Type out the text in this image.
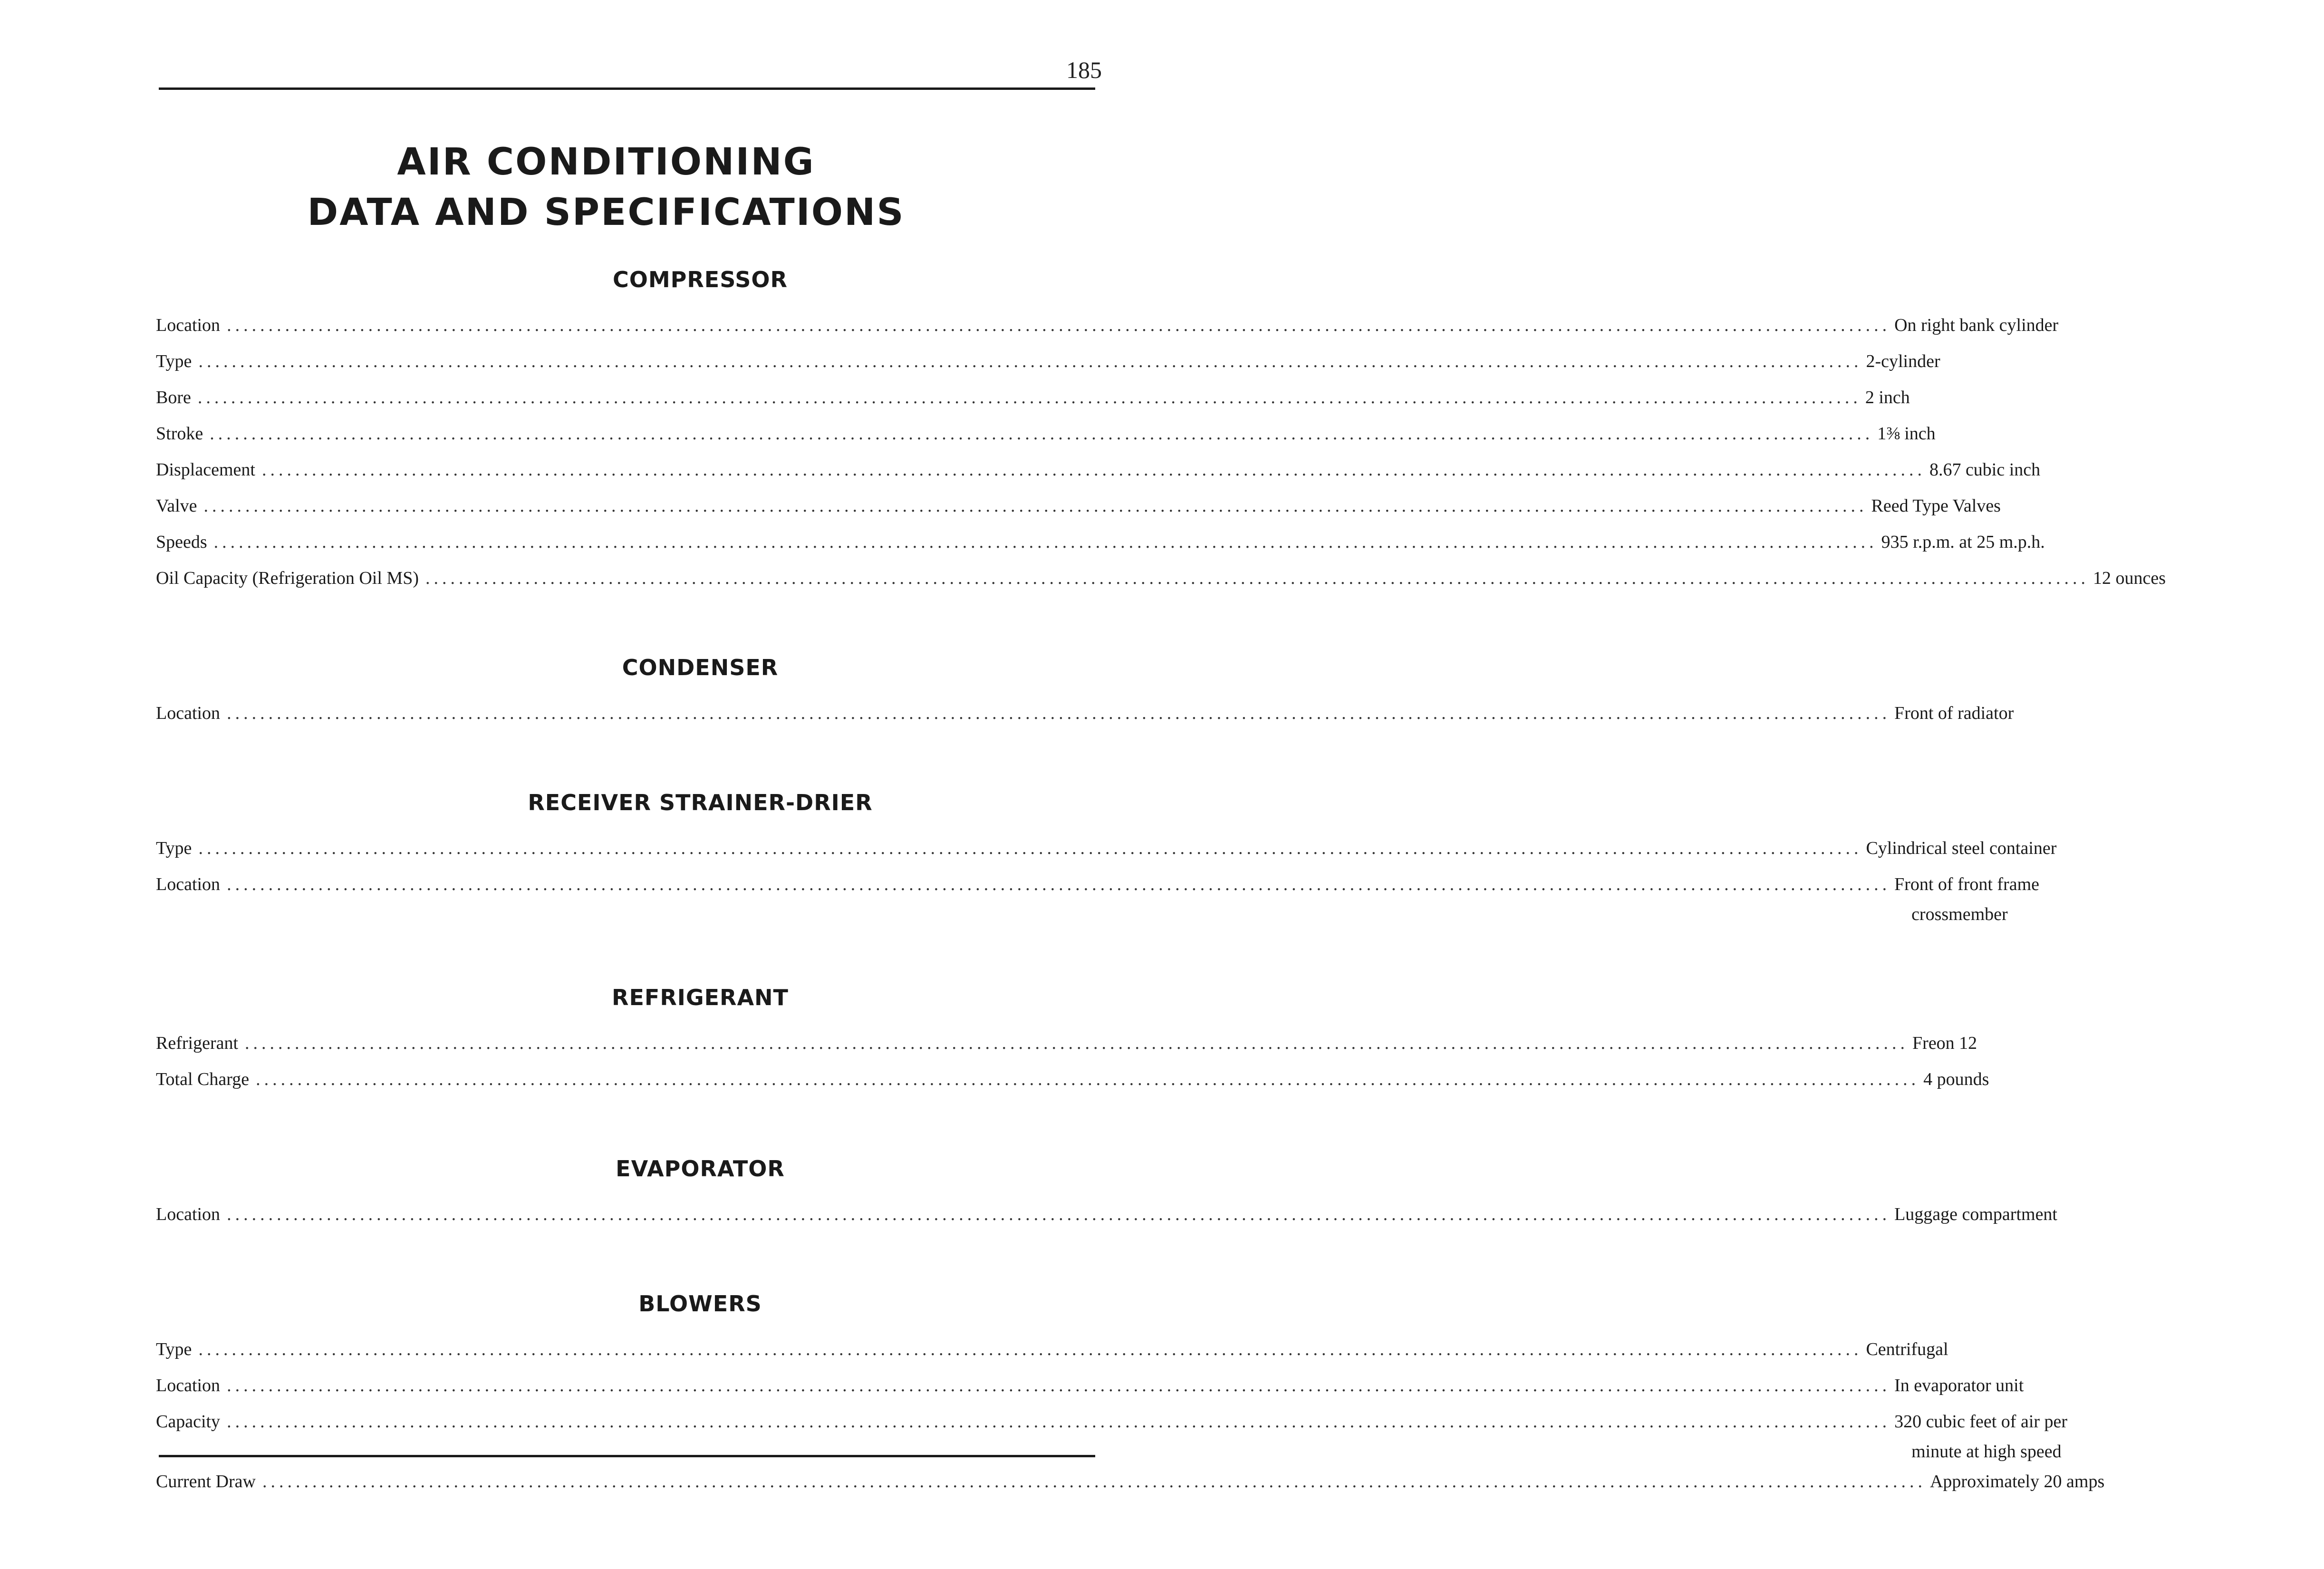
185
AIR CONDITIONING
DATA AND SPECIFICATIONS
COMPRESSOR
Location ........................................................................................................................................................................................................ On right bank cylinder
Type ........................................................................................................................................................................................................ 2-cylinder
Bore ........................................................................................................................................................................................................ 2 inch
Stroke ........................................................................................................................................................................................................ 1⅜ inch
Displacement ........................................................................................................................................................................................................ 8.67 cubic inch
Valve ........................................................................................................................................................................................................ Reed Type Valves
Speeds ........................................................................................................................................................................................................ 935 r.p.m. at 25 m.p.h.
Oil Capacity (Refrigeration Oil MS) ........................................................................................................................................................................................................ 12 ounces
CONDENSER
Location ........................................................................................................................................................................................................ Front of radiator
RECEIVER STRAINER-DRIER
Type ........................................................................................................................................................................................................ Cylindrical steel container
Location ........................................................................................................................................................................................................ Front of front frame
crossmember
REFRIGERANT
Refrigerant ........................................................................................................................................................................................................ Freon 12
Total Charge ........................................................................................................................................................................................................ 4 pounds
EVAPORATOR
Location ........................................................................................................................................................................................................ Luggage compartment
BLOWERS
Type ........................................................................................................................................................................................................ Centrifugal
Location ........................................................................................................................................................................................................ In evaporator unit
Capacity ........................................................................................................................................................................................................ 320 cubic feet of air per
minute at high speed
Current Draw ........................................................................................................................................................................................................ Approximately 20 amps
